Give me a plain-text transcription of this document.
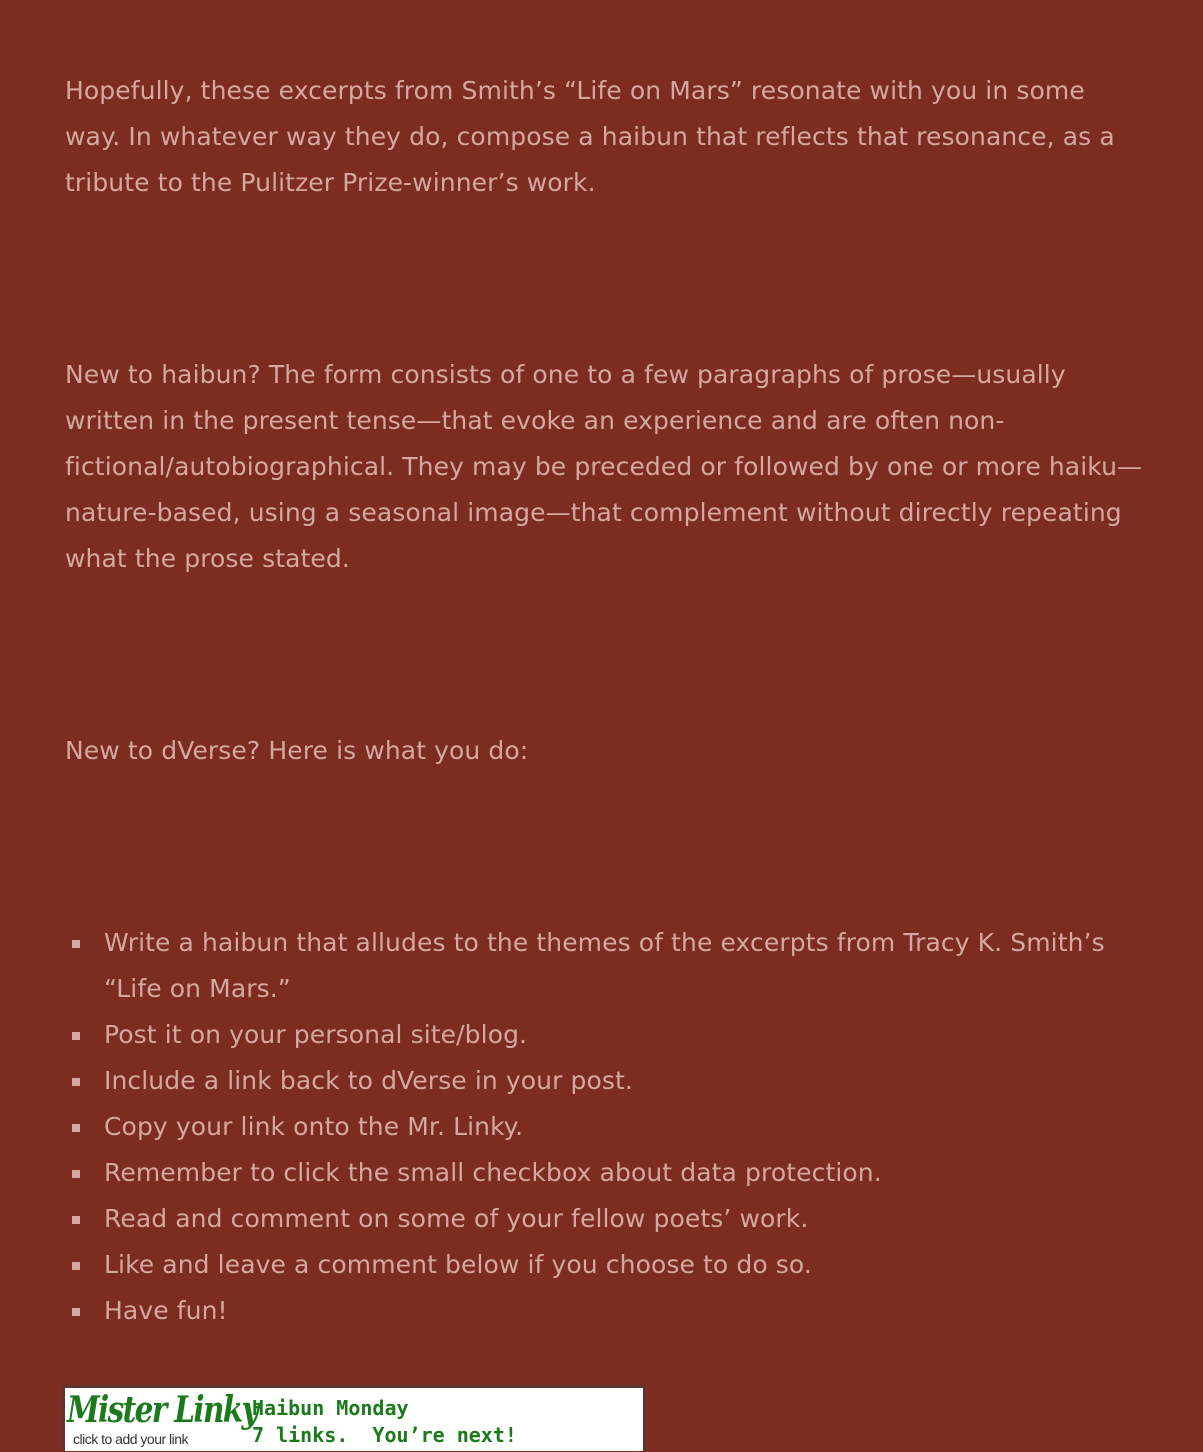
Hopefully, these excerpts from Smith’s “Life on Mars” resonate with you in some way. In whatever way they do, compose a haibun that reflects that resonance, as a tribute to the Pulitzer Prize-winner’s work.

New to haibun? The form consists of one to a few paragraphs of prose—usually written in the present tense—that evoke an experience and are often non-fictional/autobiographical. They may be preceded or followed by one or more haiku—nature-based, using a seasonal image—that complement without directly repeating what the prose stated.

New to dVerse? Here is what you do:

Write a haibun that alludes to the themes of the excerpts from Tracy K. Smith’s “Life on Mars.”
Post it on your personal site/blog.
Include a link back to dVerse in your post.
Copy your link onto the Mr. Linky.
Remember to click the small checkbox about data protection.
Read and comment on some of your fellow poets’ work.
Like and leave a comment below if you choose to do so.
Have fun!
Mister Linky
click to add your link
Haibun Monday
7 links.  You’re next!
